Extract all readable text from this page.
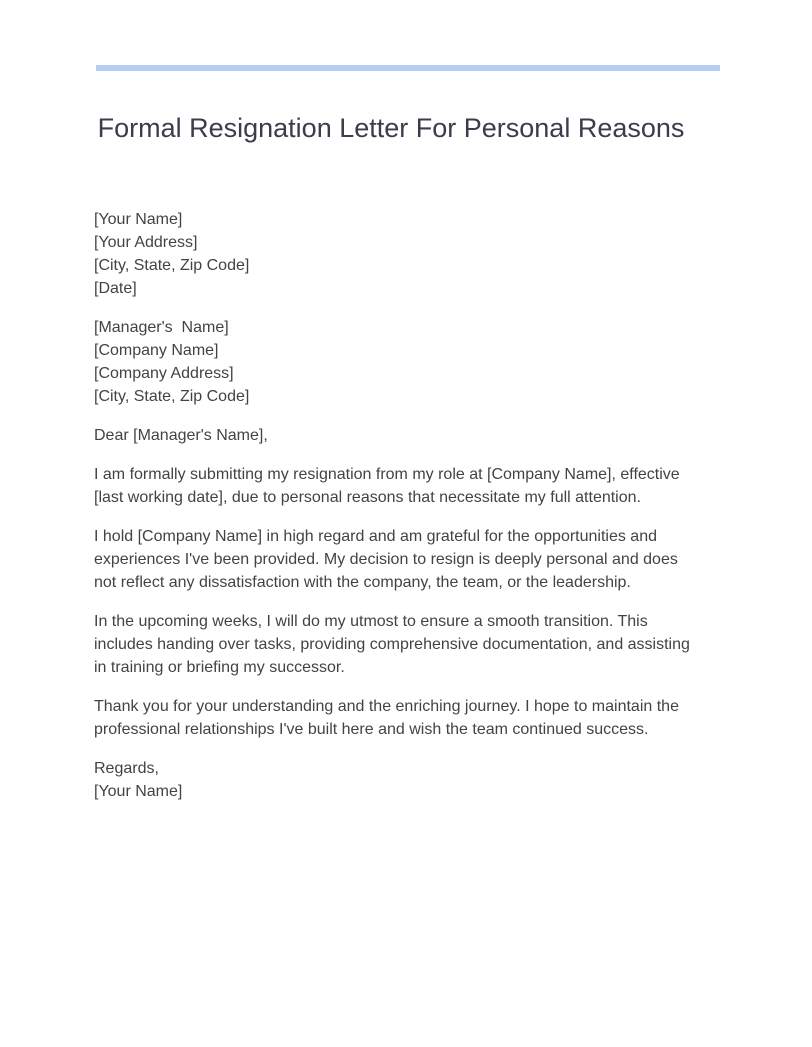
Formal Resignation Letter For Personal Reasons
[Your Name]
[Your Address]
[City, State, Zip Code]
[Date]
[Manager's  Name]
[Company Name]
[Company Address]
[City, State, Zip Code]

Dear [Manager's Name],

I am formally submitting my resignation from my role at [Company Name], effective [last working date], due to personal reasons that necessitate my full attention.

I hold [Company Name] in high regard and am grateful for the opportunities and experiences I've been provided. My decision to resign is deeply personal and does not reflect any dissatisfaction with the company, the team, or the leadership.

In the upcoming weeks, I will do my utmost to ensure a smooth transition. This includes handing over tasks, providing comprehensive documentation, and assisting in training or briefing my successor.

Thank you for your understanding and the enriching journey. I hope to maintain the professional relationships I've built here and wish the team continued success.

Regards,
[Your Name]
